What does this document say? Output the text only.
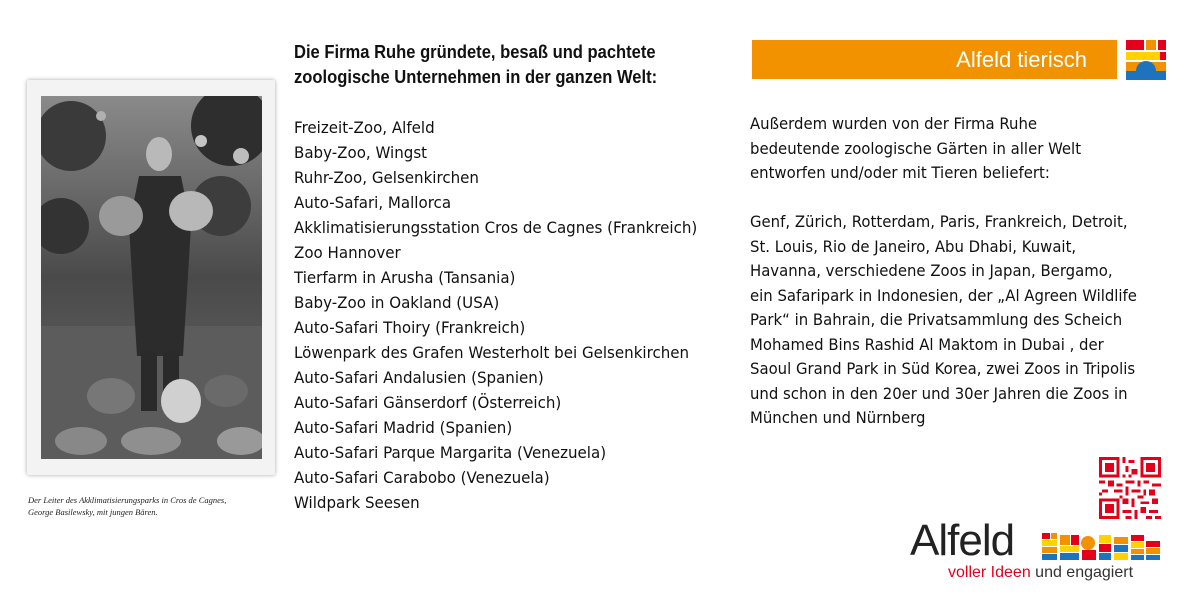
Der Leiter des Akklimatisierungsparks in Cros de Cagnes,
George Basilewsky, mit jungen Bären.
Die Firma Ruhe gründete, besaß und pachtete
zoologische Unternehmen in der ganzen Welt:
Freizeit-Zoo, Alfeld
Baby-Zoo, Wingst
Ruhr-Zoo, Gelsenkirchen
Auto-Safari, Mallorca
Akklimatisierungsstation Cros de Cagnes (Frankreich)
Zoo Hannover
Tierfarm in Arusha (Tansania)
Baby-Zoo in Oakland (USA)
Auto-Safari Thoiry (Frankreich)
Löwenpark des Grafen Westerholt bei Gelsenkirchen
Auto-Safari Andalusien (Spanien)
Auto-Safari Gänserdorf (Österreich)
Auto-Safari Madrid (Spanien)
Auto-Safari Parque Margarita (Venezuela)
Auto-Safari Carabobo (Venezuela)
Wildpark Seesen
Alfeld tierisch

Außerdem wurden von der Firma Ruhe
bedeutende zoologische Gärten in aller Welt
entworfen und/oder mit Tieren beliefert:

Genf, Zürich, Rotterdam, Paris, Frankreich, Detroit,
St. Louis, Rio de Janeiro, Abu Dhabi, Kuwait,
Havanna, verschiedene Zoos in Japan, Bergamo,
ein Safaripark in Indonesien, der „Al Agreen Wildlife
Park“ in Bahrain, die Privatsammlung des Scheich
Mohamed Bins Rashid Al Maktom in Dubai , der
Saoul Grand Park in Süd Korea, zwei Zoos in Tripolis
und schon in den 20er und 30er Jahren die Zoos in
München und Nürnberg

Alfeld
voller Ideen und engagiert
